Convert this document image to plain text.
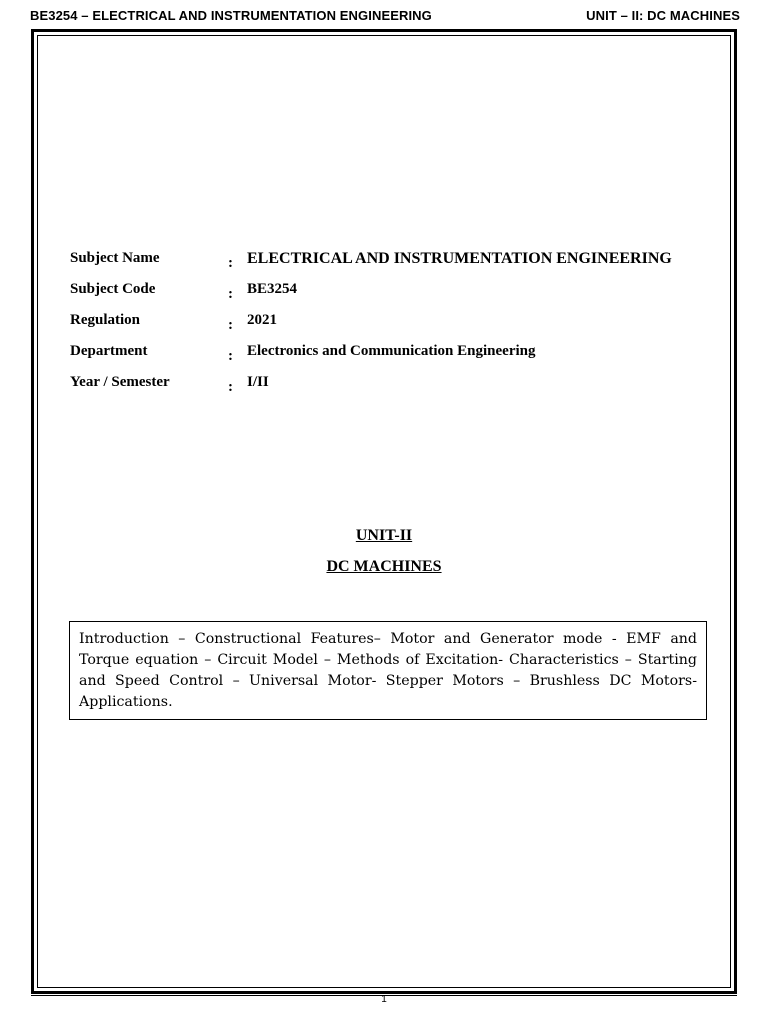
BE3254 – ELECTRICAL AND INSTRUMENTATION ENGINEERING	UNIT – II: DC MACHINES
Subject Name	: ELECTRICAL AND INSTRUMENTATION ENGINEERING
Subject Code	: BE3254
Regulation	: 2021
Department	: Electronics and Communication Engineering
Year / Semester	: I/II
UNIT-II
DC MACHINES
Introduction – Constructional Features– Motor and Generator mode - EMF and Torque equation – Circuit Model – Methods of Excitation- Characteristics – Starting and Speed Control – Universal Motor- Stepper Motors – Brushless DC Motors- Applications.
1
